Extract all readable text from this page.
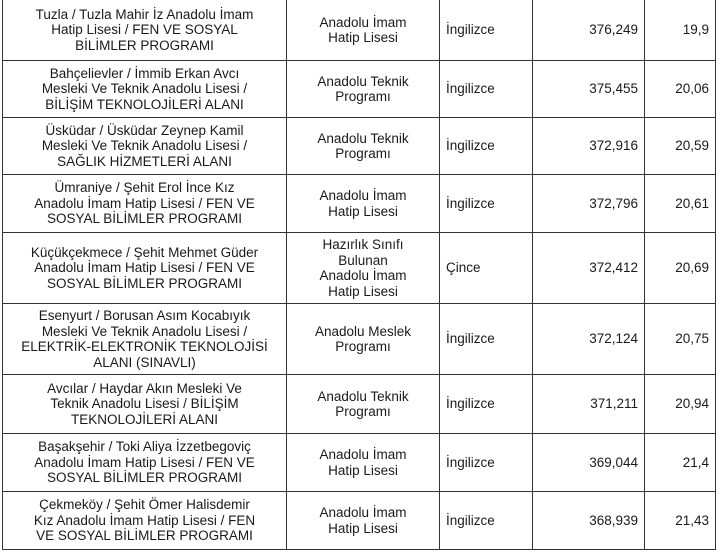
Tuzla / Tuzla Mahir İz Anadolu İmam
Hatip Lisesi / FEN VE SOSYAL
BİLİMLER PROGRAMI	Anadolu İmam
Hatip Lisesi	İngilizce	376,249	19,9
Bahçelievler / İmmib Erkan Avcı
Mesleki Ve Teknik Anadolu Lisesi /
BİLİŞİM TEKNOLOJİLERİ ALANI	Anadolu Teknik
Programı	İngilizce	375,455	20,06
Üsküdar / Üsküdar Zeynep Kamil
Mesleki Ve Teknik Anadolu Lisesi /
SAĞLIK HİZMETLERİ ALANI	Anadolu Teknik
Programı	İngilizce	372,916	20,59
Ümraniye / Şehit Erol İnce Kız
Anadolu İmam Hatip Lisesi / FEN VE
SOSYAL BİLİMLER PROGRAMI	Anadolu İmam
Hatip Lisesi	İngilizce	372,796	20,61
Küçükçekmece / Şehit Mehmet Güder
Anadolu İmam Hatip Lisesi / FEN VE
SOSYAL BİLİMLER PROGRAMI	Hazırlık Sınıfı
Bulunan
Anadolu İmam
Hatip Lisesi	Çince	372,412	20,69
Esenyurt / Borusan Asım Kocabıyık
Mesleki Ve Teknik Anadolu Lisesi /
ELEKTRİK-ELEKTRONİK TEKNOLOJİSİ
ALANI (SINAVLI)	Anadolu Meslek
Programı	İngilizce	372,124	20,75
Avcılar / Haydar Akın Mesleki Ve
Teknik Anadolu Lisesi / BİLİŞİM
TEKNOLOJİLERİ ALANI	Anadolu Teknik
Programı	İngilizce	371,211	20,94
Başakşehir / Toki Aliya İzzetbegoviç
Anadolu İmam Hatip Lisesi / FEN VE
SOSYAL BİLİMLER PROGRAMI	Anadolu İmam
Hatip Lisesi	İngilizce	369,044	21,4
Çekmeköy / Şehit Ömer Halisdemir
Kız Anadolu İmam Hatip Lisesi / FEN
VE SOSYAL BİLİMLER PROGRAMI	Anadolu İmam
Hatip Lisesi	İngilizce	368,939	21,43
